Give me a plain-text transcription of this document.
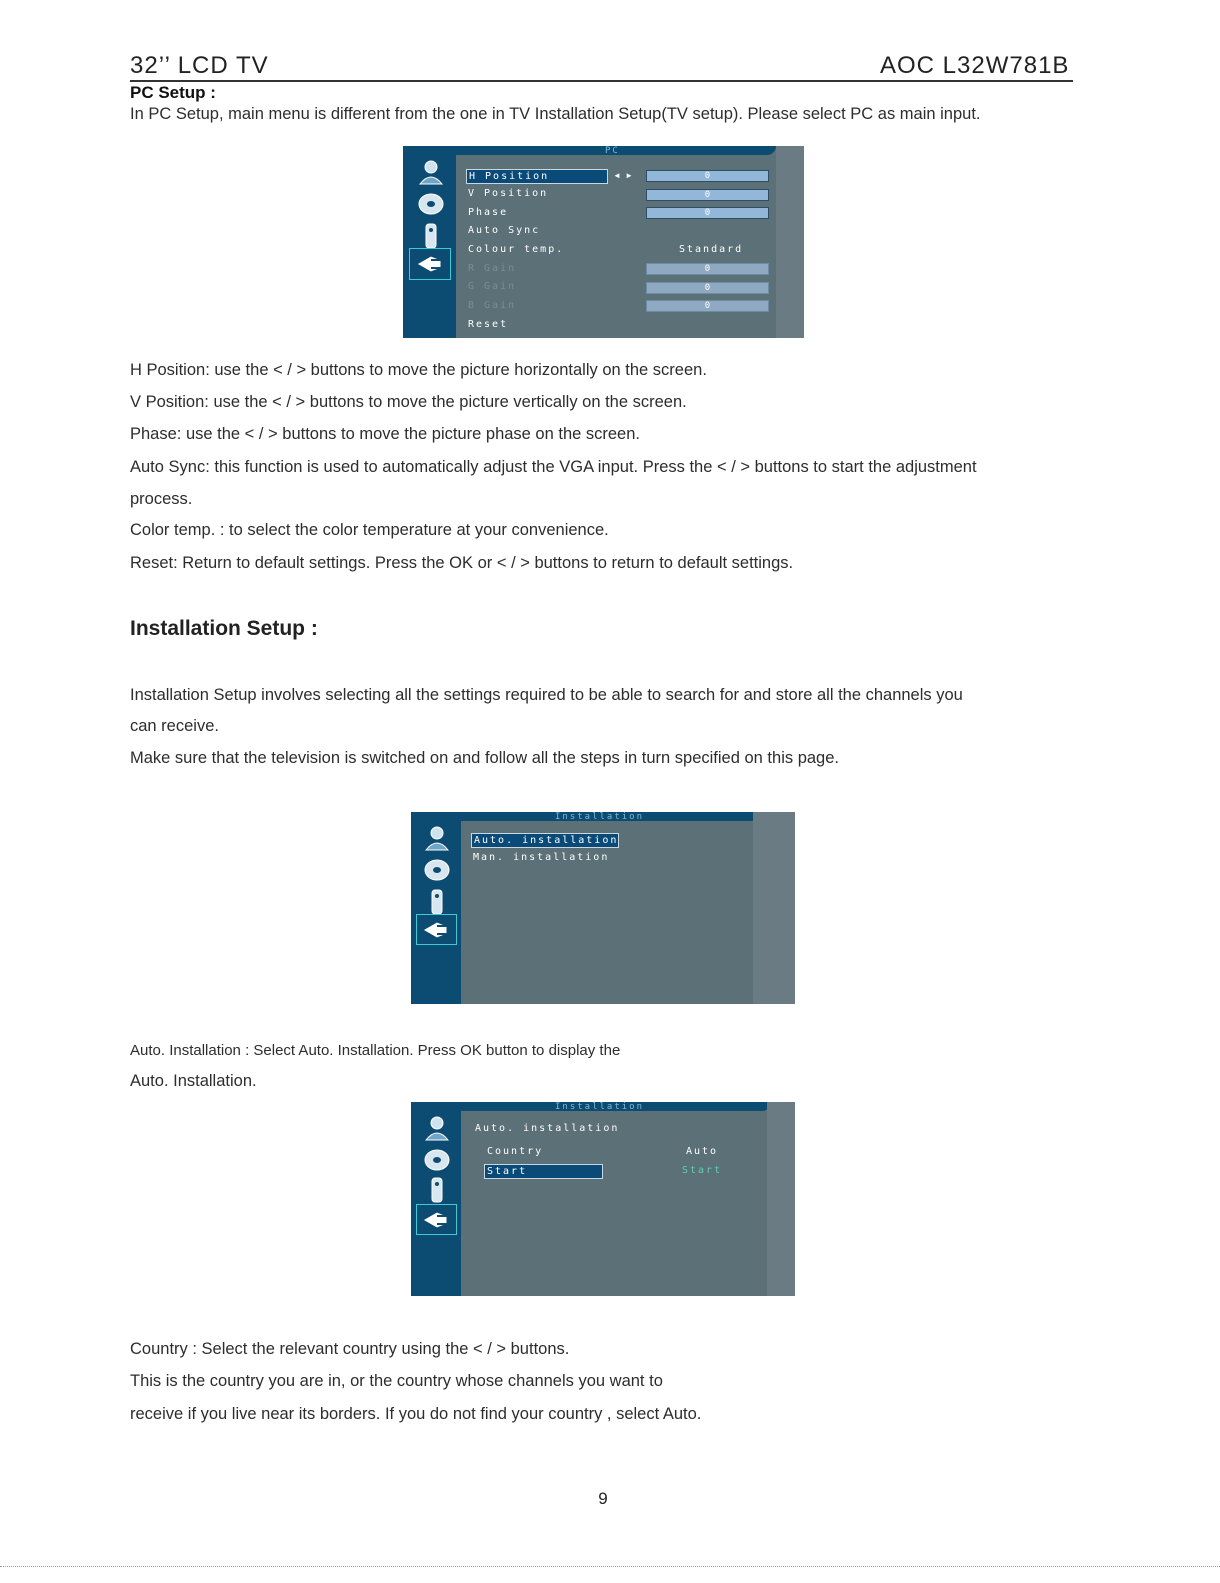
32’’ LCD TV	AOC L32W781B
PC Setup :
In PC Setup, main menu is different from the one in TV Installation Setup(TV setup). Please select PC as main input.
PC
H Position	◄ ►	0
V Position	0
Phase	0
Auto Sync
Colour temp.	Standard
R Gain	0
G Gain	0
B Gain	0
Reset
H Position: use the < / > buttons to move the picture horizontally on the screen.
V Position: use the < / > buttons to move the picture vertically on the screen.
Phase: use the < / > buttons to move the picture phase on the screen.
Auto Sync: this function is used to automatically adjust the VGA input. Press the < / > buttons to start the adjustment
process.
Color temp. : to select the color temperature at your convenience.
Reset: Return to default settings. Press the OK or < / > buttons to return to default settings.
Installation Setup :
Installation Setup involves selecting all the settings required to be able to search for and store all the channels you
can receive.
Make sure that the television is switched on and follow all the steps in turn specified on this page.
Installation
Auto. installation
Man. installation
Auto. Installation : Select Auto. Installation. Press OK button to display the
Auto. Installation.
Installation
Auto. installation
Country	Auto
Start	Start
Country : Select the relevant country using the < / > buttons.
This is the country you are in, or the country whose channels you want to
receive if you live near its borders. If you do not find your country , select Auto.
9
